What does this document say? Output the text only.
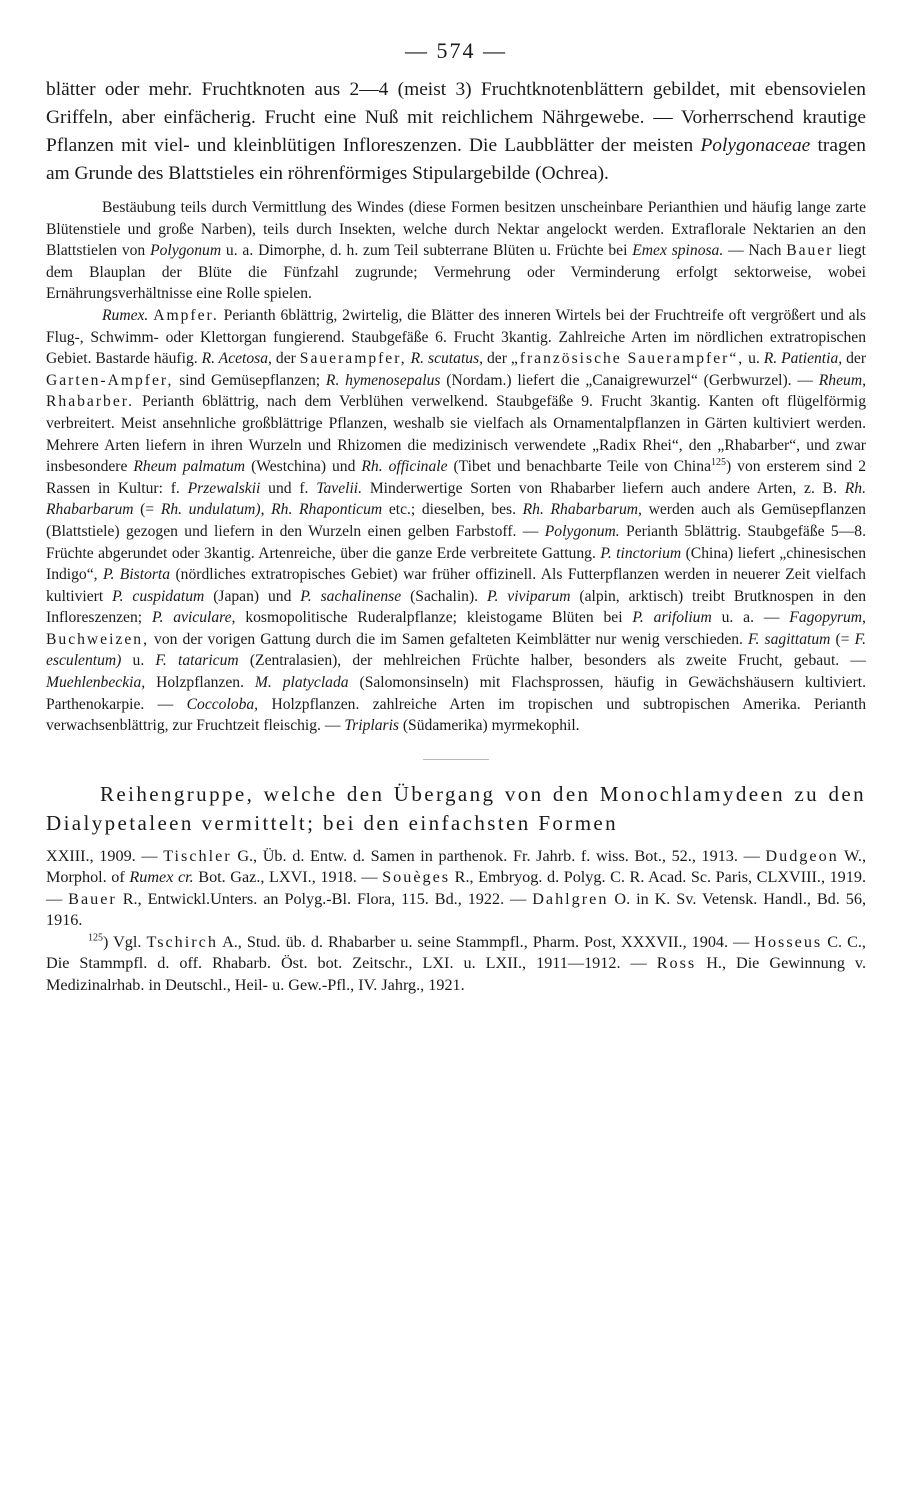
— 574 —

blätter oder mehr. Fruchtknoten aus 2—4 (meist 3) Fruchtknotenblättern gebildet, mit ebensovielen Griffeln, aber einfächerig. Frucht eine Nuß mit reichlichem Nährgewebe. — Vorherrschend krautige Pflanzen mit viel- und kleinblütigen Infloreszenzen. Die Laubblätter der meisten Polygonaceae tragen am Grunde des Blattstieles ein röhrenförmiges Stipulargebilde (Ochrea).

Bestäubung teils durch Vermittlung des Windes (diese Formen besitzen unscheinbare Perianthien und häufig lange zarte Blütenstiele und große Narben), teils durch Insekten, welche durch Nektar angelockt werden. Extraflorale Nektarien an den Blattstielen von Polygonum u. a. Dimorphe, d. h. zum Teil subterrane Blüten u. Früchte bei Emex spinosa. — Nach Bauer liegt dem Blauplan der Blüte die Fünfzahl zugrunde; Vermehrung oder Verminderung erfolgt sektorweise, wobei Ernährungsverhältnisse eine Rolle spielen.

Rumex. Ampfer. Perianth 6blättrig, 2wirtelig, die Blätter des inneren Wirtels bei der Fruchtreife oft vergrößert und als Flug-, Schwimm- oder Klettorgan fungierend. Staubgefäße 6. Frucht 3kantig. Zahlreiche Arten im nördlichen extratropischen Gebiet. Bastarde häufig. R. Acetosa, der Sauerampfer, R. scutatus, der „französische Sauerampfer“, u. R. Patientia, der Garten-Ampfer, sind Gemüsepflanzen; R. hymenosepalus (Nordam.) liefert die „Canaigrewurzel“ (Gerbwurzel). — Rheum, Rhabarber. Perianth 6blättrig, nach dem Verblühen verwelkend. Staubgefäße 9. Frucht 3kantig. Kanten oft flügelförmig verbreitert. Meist ansehnliche großblättrige Pflanzen, weshalb sie vielfach als Ornamentalpflanzen in Gärten kultiviert werden. Mehrere Arten liefern in ihren Wurzeln und Rhizomen die medizinisch verwendete „Radix Rhei“, den „Rhabarber“, und zwar insbesondere Rheum palmatum (Westchina) und Rh. officinale (Tibet und benachbarte Teile von China$^{125}$) von ersterem sind 2 Rassen in Kultur: f. Przewalskii und f. Tavelii. Minderwertige Sorten von Rhabarber liefern auch andere Arten, z. B. Rh. Rhabarbarum (= Rh. undulatum), Rh. Rhaponticum etc.; dieselben, bes. Rh. Rhabarbarum, werden auch als Gemüsepflanzen (Blattstiele) gezogen und liefern in den Wurzeln einen gelben Farbstoff. — Polygonum. Perianth 5blättrig. Staubgefäße 5—8. Früchte abgerundet oder 3kantig. Artenreiche, über die ganze Erde verbreitete Gattung. P. tinctorium (China) liefert „chinesischen Indigo“, P. Bistorta (nördliches extratropisches Gebiet) war früher offizinell. Als Futterpflanzen werden in neuerer Zeit vielfach kultiviert P. cuspidatum (Japan) und P. sachalinense (Sachalin). P. viviparum (alpin, arktisch) treibt Brutknospen in den Infloreszenzen; P. aviculare, kosmopolitische Ruderalpflanze; kleistogame Blüten bei P. arifolium u. a. — Fagopyrum, Buchweizen, von der vorigen Gattung durch die im Samen gefalteten Keimblätter nur wenig verschieden. F. sagittatum (= F. esculentum) u. F. tataricum (Zentralasien), der mehlreichen Früchte halber, besonders als zweite Frucht, gebaut. — Muehlenbeckia, Holzpflanzen. M. platyclada (Salomonsinseln) mit Flachsprossen, häufig in Gewächshäusern kultiviert. Parthenokarpie. — Coccoloba, Holzpflanzen. zahlreiche Arten im tropischen und subtropischen Amerika. Perianth verwachsenblättrig, zur Fruchtzeit fleischig. — Triplaris (Südamerika) myrmekophil.

Reihengruppe, welche den Übergang von den Monochlamydeen zu den Dialypetaleen vermittelt; bei den einfachsten Formen

XXIII., 1909. — Tischler G., Üb. d. Entw. d. Samen in parthenok. Fr. Jahrb. f. wiss. Bot., 52., 1913. — Dudgeon W., Morphol. of Rumex cr. Bot. Gaz., LXVI., 1918. — Souèges R., Embryog. d. Polyg. C. R. Acad. Sc. Paris, CLXVIII., 1919. — Bauer R., Entwickl.Unters. an Polyg.-Bl. Flora, 115. Bd., 1922. — Dahlgren O. in K. Sv. Vetensk. Handl., Bd. 56, 1916.

$^{125}$) Vgl. Tschirch A., Stud. üb. d. Rhabarber u. seine Stammpfl., Pharm. Post, XXXVII., 1904. — Hosseus C. C., Die Stammpfl. d. off. Rhabarb. Öst. bot. Zeitschr., LXI. u. LXII., 1911—1912. — Ross H., Die Gewinnung v. Medizinalrhab. in Deutschl., Heil- u. Gew.-Pfl., IV. Jahrg., 1921.
